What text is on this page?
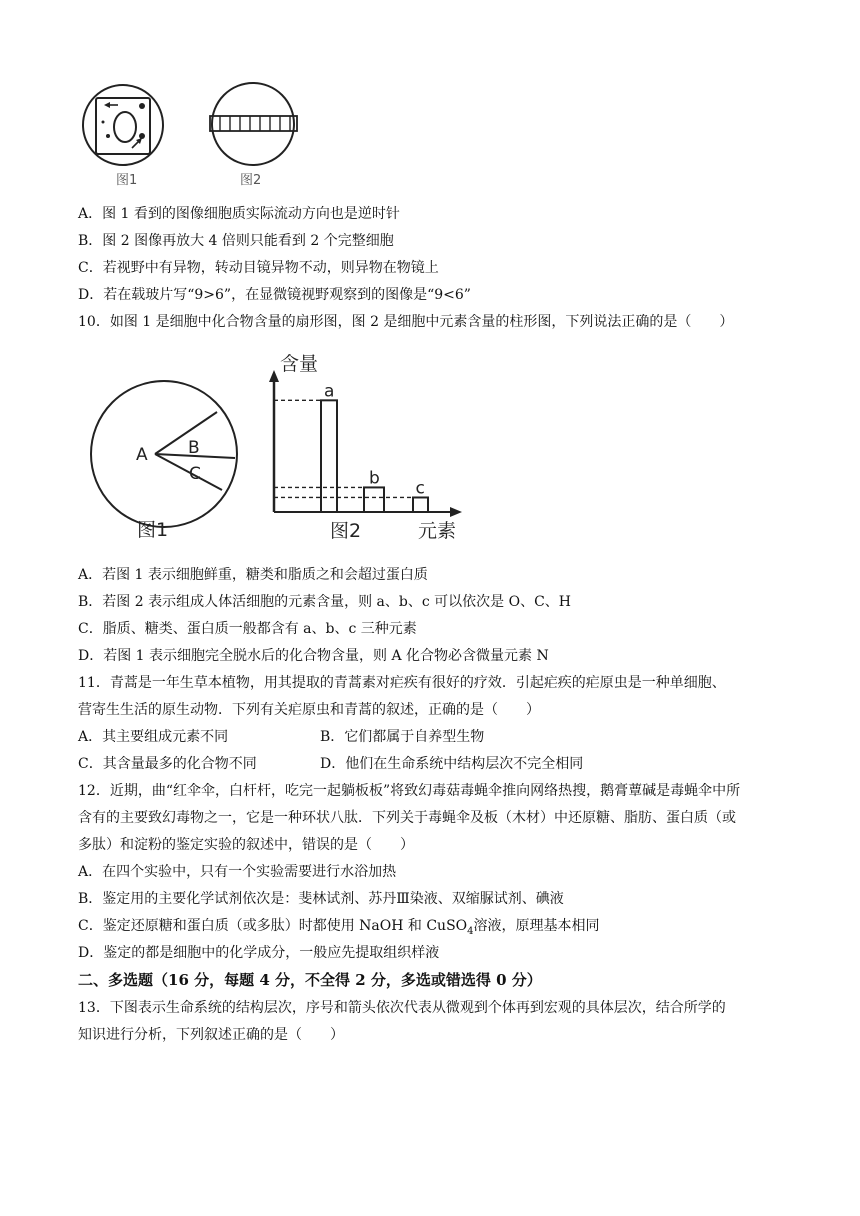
图1	图2
A．图 1 看到的图像细胞质实际流动方向也是逆时针
B．图 2 图像再放大 4 倍则只能看到 2 个完整细胞
C．若视野中有异物，转动目镜异物不动，则异物在物镜上
D．若在载玻片写“9>6”，在显微镜视野观察到的图像是“9<6”
10．如图 1 是细胞中化合物含量的扇形图，图 2 是细胞中元素含量的柱形图，下列说法正确的是（　　）
A B
C
图1
含量
a
b
c
图2	元素
A．若图 1 表示细胞鲜重，糖类和脂质之和会超过蛋白质
B．若图 2 表示组成人体活细胞的元素含量，则 a、b、c 可以依次是 O、C、H
C．脂质、糖类、蛋白质一般都含有 a、b、c 三种元素
D．若图 1 表示细胞完全脱水后的化合物含量，则 A 化合物必含微量元素 N
11．青蒿是一年生草本植物，用其提取的青蒿素对疟疾有很好的疗效．引起疟疾的疟原虫是一种单细胞、
营寄生生活的原生动物．下列有关疟原虫和青蒿的叙述，正确的是（　　）
A．其主要组成元素不同	B．它们都属于自养型生物
C．其含量最多的化合物不同	D．他们在生命系统中结构层次不完全相同
12．近期，曲“红伞伞，白杆杆，吃完一起躺板板”将致幻毒菇毒蝇伞推向网络热搜，鹅膏蕈碱是毒蝇伞中所
含有的主要致幻毒物之一，它是一种环状八肽．下列关于毒蝇伞及板（木材）中还原糖、脂肪、蛋白质（或
多肽）和淀粉的鉴定实验的叙述中，错误的是（　　）
A．在四个实验中，只有一个实验需要进行水浴加热
B．鉴定用的主要化学试剂依次是：斐林试剂、苏丹Ⅲ染液、双缩脲试剂、碘液
C．鉴定还原糖和蛋白质（或多肽）时都使用 NaOH 和 CuSO$_4$溶液，原理基本相同
D．鉴定的都是细胞中的化学成分，一般应先提取组织样液
二、多选题（16 分，每题 4 分，不全得 2 分，多选或错选得 0 分）
13．下图表示生命系统的结构层次，序号和箭头依次代表从微观到个体再到宏观的具体层次，结合所学的
知识进行分析，下列叙述正确的是（　　）
